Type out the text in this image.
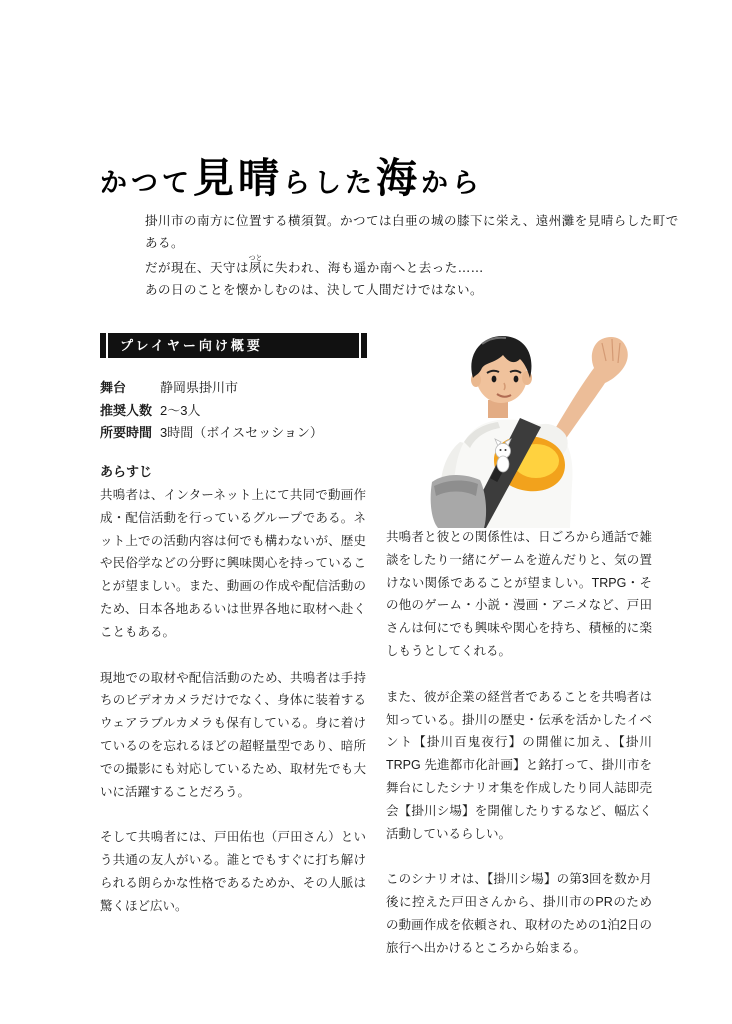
かつて見晴らした海から
掛川市の南方に位置する横須賀。かつては白亜の城の膝下に栄え、遠州灘を見晴らした町である。
だが現在、天守は夙つとに失われ、海も遥か南へと去った……
あの日のことを懐かしむのは、決して人間だけではない。
プレイヤー向け概要
舞台	静岡県掛川市
推奨人数 2～3人
所要時間 3時間（ボイスセッション）
あらすじ

共鳴者は、インターネット上にて共同で動画作成・配信活動を行っているグループである。ネット上での活動内容は何でも構わないが、歴史や民俗学などの分野に興味関心を持っていることが望ましい。また、動画の作成や配信活動のため、日本各地あるいは世界各地に取材へ赴くこともある。

現地での取材や配信活動のため、共鳴者は手持ちのビデオカメラだけでなく、身体に装着するウェアラブルカメラも保有している。身に着けているのを忘れるほどの超軽量型であり、暗所での撮影にも対応しているため、取材先でも大いに活躍することだろう。

そして共鳴者には、戸田佑也（戸田さん）という共通の友人がいる。誰とでもすぐに打ち解けられる朗らかな性格であるためか、その人脈は驚くほど広い。

共鳴者と彼との関係性は、日ごろから通話で雑談をしたり一緒にゲームを遊んだりと、気の置けない関係であることが望ましい。TRPG・その他のゲーム・小説・漫画・アニメなど、戸田さんは何にでも興味や関心を持ち、積極的に楽しもうとしてくれる。

また、彼が企業の経営者であることを共鳴者は知っている。掛川の歴史・伝承を活かしたイベント【掛川百鬼夜行】の開催に加え、【掛川TRPG 先進都市化計画】と銘打って、掛川市を舞台にしたシナリオ集を作成したり同人誌即売会【掛川シ場】を開催したりするなど、幅広く活動しているらしい。

このシナリオは、【掛川シ場】の第3回を数か月後に控えた戸田さんから、掛川市のPRのための動画作成を依頼され、取材のための1泊2日の旅行へ出かけるところから始まる。
